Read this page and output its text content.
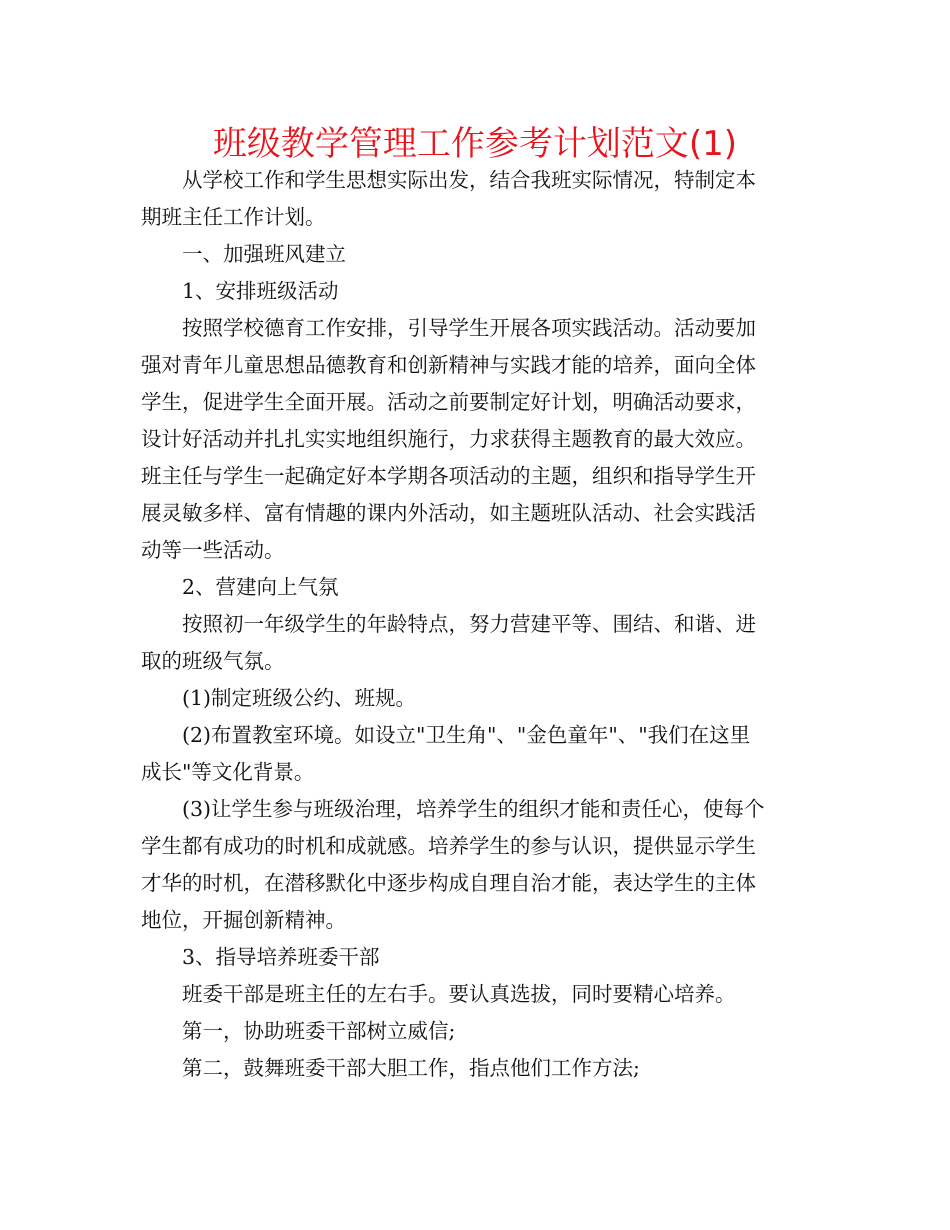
班级教学管理工作参考计划范文(1)
从学校工作和学生思想实际出发，结合我班实际情况，特制定本
期班主任工作计划。
一、加强班风建立
1、安排班级活动
按照学校德育工作安排，引导学生开展各项实践活动。活动要加
强对青年儿童思想品德教育和创新精神与实践才能的培养，面向全体
学生，促进学生全面开展。活动之前要制定好计划，明确活动要求，
设计好活动并扎扎实实地组织施行，力求获得主题教育的最大效应。
班主任与学生一起确定好本学期各项活动的主题，组织和指导学生开
展灵敏多样、富有情趣的课内外活动，如主题班队活动、社会实践活
动等一些活动。
2、营建向上气氛
按照初一年级学生的年龄特点，努力营建平等、围结、和谐、进
取的班级气氛。
(1)制定班级公约、班规。
(2)布置教室环境。如设立"卫生角"、"金色童年"、"我们在这里
成长"等文化背景。
(3)让学生参与班级治理，培养学生的组织才能和责任心，使每个
学生都有成功的时机和成就感。培养学生的参与认识，提供显示学生
才华的时机，在潜移默化中逐步构成自理自治才能，表达学生的主体
地位，开掘创新精神。
3、指导培养班委干部
班委干部是班主任的左右手。要认真选拔，同时要精心培养。
第一，协助班委干部树立威信;
第二，鼓舞班委干部大胆工作，指点他们工作方法;
